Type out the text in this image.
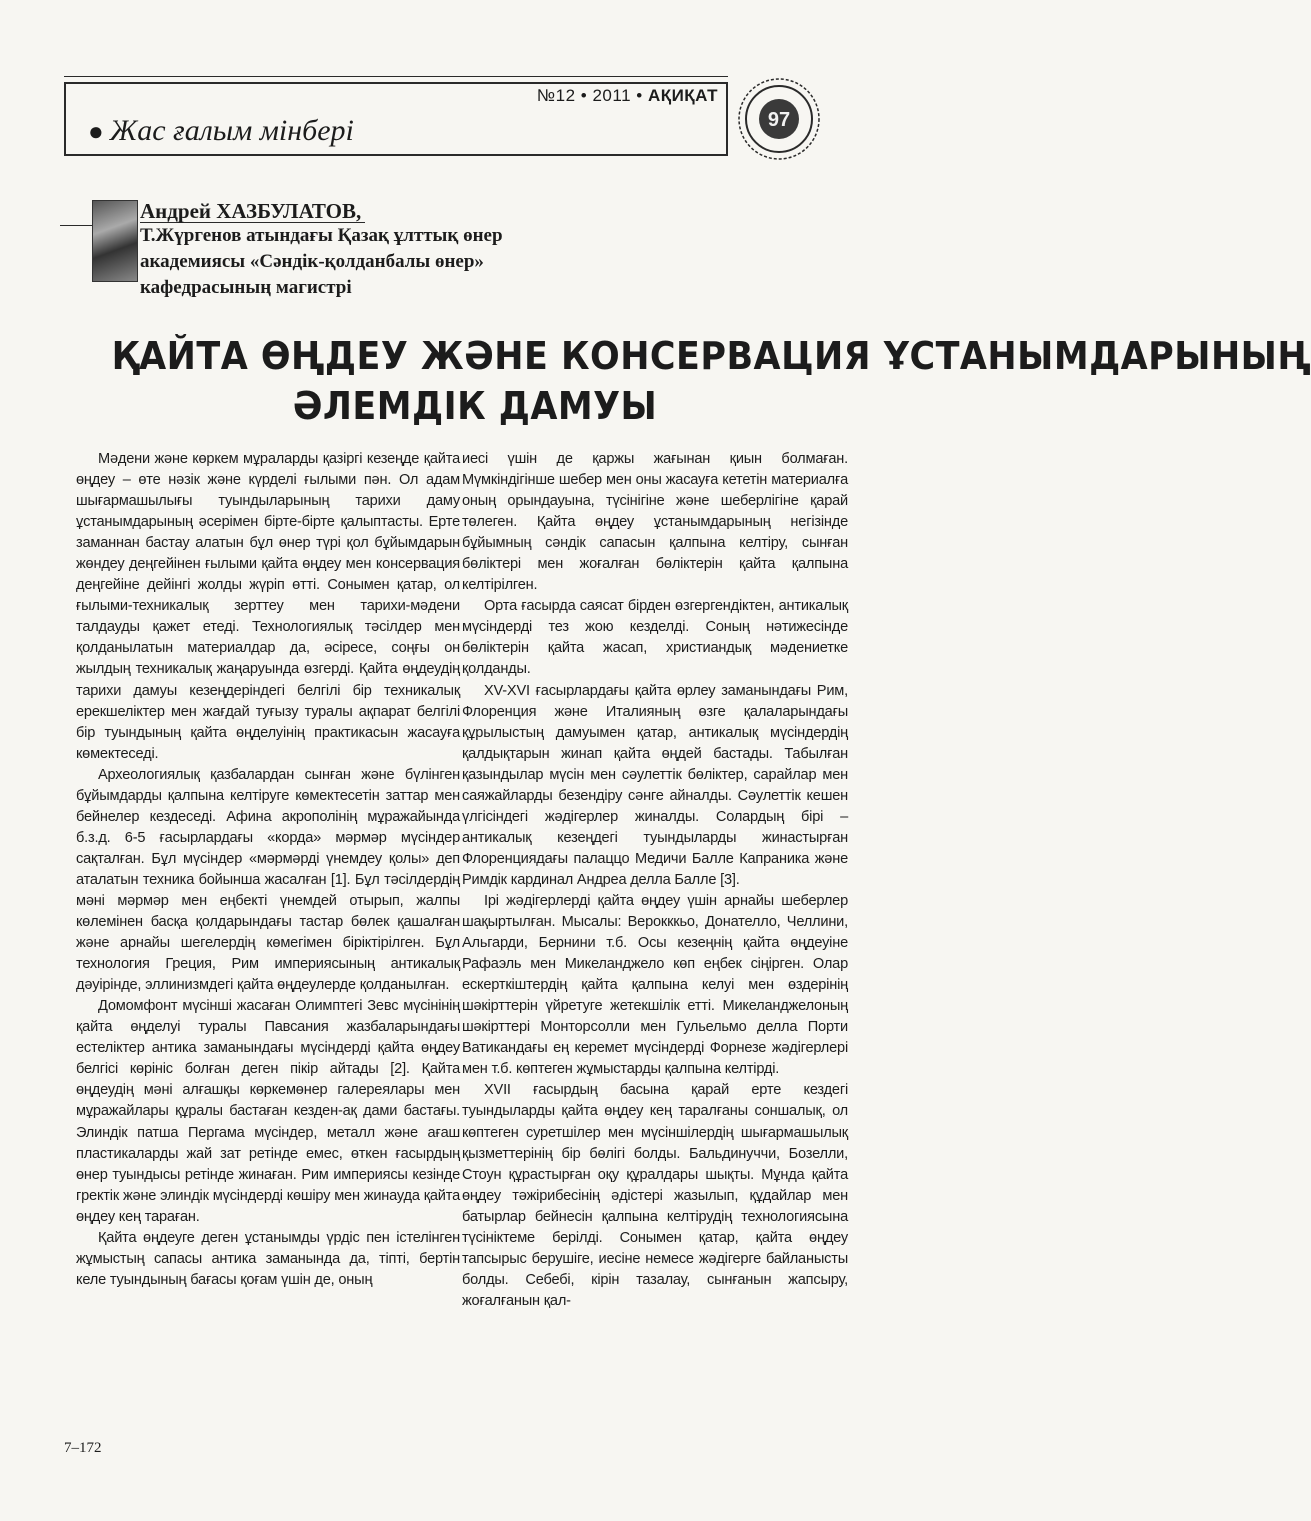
№12 • 2011 • АҚИҚАТ
● Жас ғалым мінбері	97
Андрей ХАЗБУЛАТОВ,
Т.Жүргенов атындағы Қазақ ұлттық өнер
академиясы «Сәндік-қолданбалы өнер»
кафедрасының магистрі
ҚАЙТА ӨҢДЕУ ЖӘНЕ КОНСЕРВАЦИЯ ҰСТАНЫМДАРЫНЫҢ
ӘЛЕМДІК ДАМУЫ

Мәдени және көркем мұраларды қазіргі кезеңде қайта өңдеу – өте нәзік және күрделі ғылыми пән. Ол адам шығармашылығы туындыларының тарихи даму ұстанымдарының әсерімен бірте-бірте қалыптасты. Ерте заманнан бастау алатын бұл өнер түрі қол бұйымдарын жөндеу деңгейінен ғылыми қайта өңдеу мен консервация деңгейіне дейінгі жолды жүріп өтті. Сонымен қатар, ол ғылыми-техникалық зерттеу мен тарихи-мәдени талдауды қажет етеді. Технологиялық тәсілдер мен қолданылатын материалдар да, әсіресе, соңғы он жылдың техникалық жаңаруында өзгерді. Қайта өңдеудің тарихи дамуы кезеңдеріндегі белгілі бір техникалық ерекшеліктер мен жағдай туғызу туралы ақпарат белгілі бір туындының қайта өңделуінің практикасын жасауға көмектеседі.

Археологиялық қазбалардан сынған және бүлінген бұйымдарды қалпына келтіруге көмектесетін заттар мен бейнелер кездеседі. Афина акрополінің мұражайында б.з.д. 6-5 ғасырлардағы «корда» мәрмәр мүсіндер сақталған. Бұл мүсіндер «мәрмәрді үнемдеу қолы» деп аталатын техника бойынша жасалған [1]. Бұл тәсілдердің мәні мәрмәр мен еңбекті үнемдей отырып, жалпы көлемінен басқа қолдарындағы тастар бөлек қашалған және арнайы шегелердің көмегімен біріктірілген. Бұл технология Греция, Рим империясының антикалық дәуірінде, эллинизмдегі қайта өңдеулерде қолданылған.

Домомфонт мүсінші жасаған Олимптегі Зевс мүсінінің қайта өңделуі туралы Павсания жазбаларындағы естеліктер антика заманындағы мүсіндерді қайта өңдеу белгісі көрініс болған деген пікір айтады [2]. Қайта өңдеудің мәні алғашқы көркемөнер галереялары мен мұражайлары құралы бастаған кезден-ақ дами бастағы. Элиндік патша Пергама мүсіндер, металл және ағаш пластикаларды жай зат ретінде емес, өткен ғасырдың өнер туындысы ретінде жинаған. Рим империясы кезінде гректік және элиндік мүсіндерді көшіру мен жинауда қайта өңдеу кең тараған.

Қайта өңдеуге деген ұстанымды үрдіс пен істелінген жұмыстың сапасы антика заманында да, тіпті, бертін келе туындының бағасы қоғам үшін де, оның

иесі үшін де қаржы жағынан қиын болмаған. Мүмкіндігінше шебер мен оны жасауға кететін материалға оның орындауына, түсінігіне және шеберлігіне қарай төлеген. Қайта өңдеу ұстанымдарының негізінде бұйымның сәндік сапасын қалпына келтіру, сынған бөліктері мен жоғалған бөліктерін қайта қалпына келтірілген.

Орта ғасырда саясат бірден өзгергендіктен, антикалық мүсіндерді тез жою кезделді. Соның нәтижесінде бөліктерін қайта жасап, христиандық мәдениетке қолданды.

XV-XVI ғасырлардағы қайта өрлеу заманындағы Рим, Флоренция және Италияның өзге қалаларындағы құрылыстың дамуымен қатар, антикалық мүсіндердің қалдықтарын жинап қайта өңдей бастады. Табылған қазындылар мүсін мен сәулеттік бөліктер, сарайлар мен саяжайларды безендіру сәнге айналды. Сәулеттік кешен үлгісіндегі жәдігерлер жиналды. Солардың бірі – антикалық кезеңдегі туындыларды жинастырған Флоренциядағы палаццо Медичи Балле Капраника және Римдік кардинал Андреа делла Балле [3].

Ірі жәдігерлерді қайта өңдеу үшін арнайы шеберлер шақыртылған. Мысалы: Верокккьо, Донателло, Челлини, Альгарди, Бернини т.б. Осы кезеңнің қайта өңдеуіне Рафаэль мен Микеланджело көп еңбек сіңірген. Олар ескерткіштердің қайта қалпына келуі мен өздерінің шәкірттерін үйретуге жетекшілік етті. Микеланджелоның шәкірттері Монторсолли мен Гульельмо делла Порти Ватикандағы ең керемет мүсіндерді Форнезе жәдігерлері мен т.б. көптеген жұмыстарды қалпына келтірді.

XVII ғасырдың басына қарай ерте кездегі туындыларды қайта өңдеу кең таралғаны соншалық, ол көптеген суретшілер мен мүсіншілердің шығармашылық қызметтерінің бір бөлігі болды. Бальдинуччи, Бозелли, Стоун құрастырған оқу құралдары шықты. Мұнда қайта өңдеу тәжірибесінің әдістері жазылып, құдайлар мен батырлар бейнесін қалпына келтірудің технологиясына түсініктеме берілді. Сонымен қатар, қайта өңдеу тапсырыс берушіге, иесіне немесе жәдігерге байланысты болды. Себебі, кірін тазалау, сынғанын жапсыру, жоғалғанын қал-

7–172
